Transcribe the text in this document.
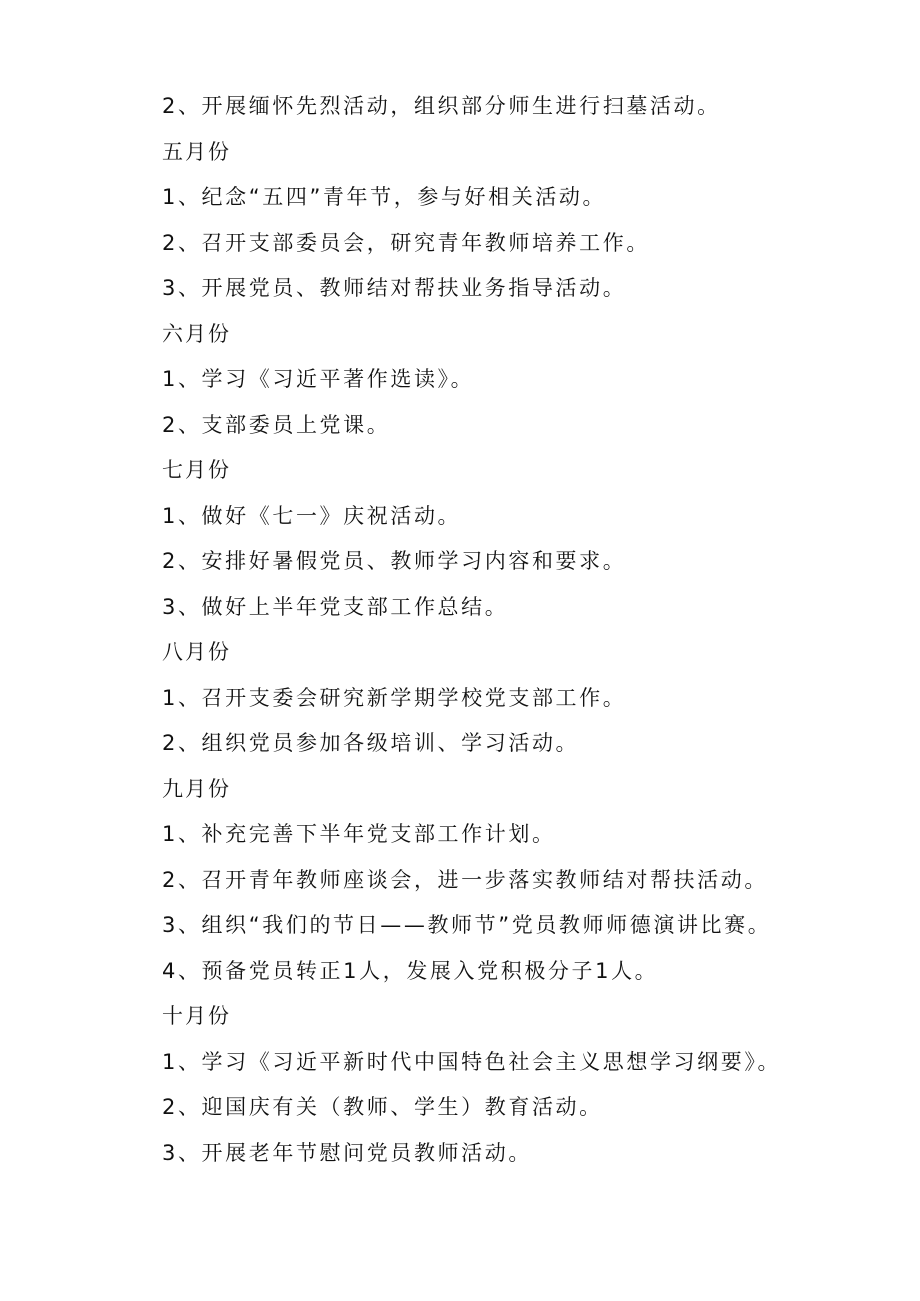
2、开展缅怀先烈活动，组织部分师生进行扫墓活动。
五月份
1、纪念“五四”青年节，参与好相关活动。
2、召开支部委员会，研究青年教师培养工作。
3、开展党员、教师结对帮扶业务指导活动。
六月份
1、学习《习近平著作选读》。
2、支部委员上党课。
七月份
1、做好《七一》庆祝活动。
2、安排好暑假党员、教师学习内容和要求。
3、做好上半年党支部工作总结。
八月份
1、召开支委会研究新学期学校党支部工作。
2、组织党员参加各级培训、学习活动。
九月份
1、补充完善下半年党支部工作计划。
2、召开青年教师座谈会，进一步落实教师结对帮扶活动。
3、组织“我们的节日——教师节”党员教师师德演讲比赛。
4、预备党员转正1人，发展入党积极分子1人。
十月份
1、学习《习近平新时代中国特色社会主义思想学习纲要》。
2、迎国庆有关（教师、学生）教育活动。
3、开展老年节慰问党员教师活动。
